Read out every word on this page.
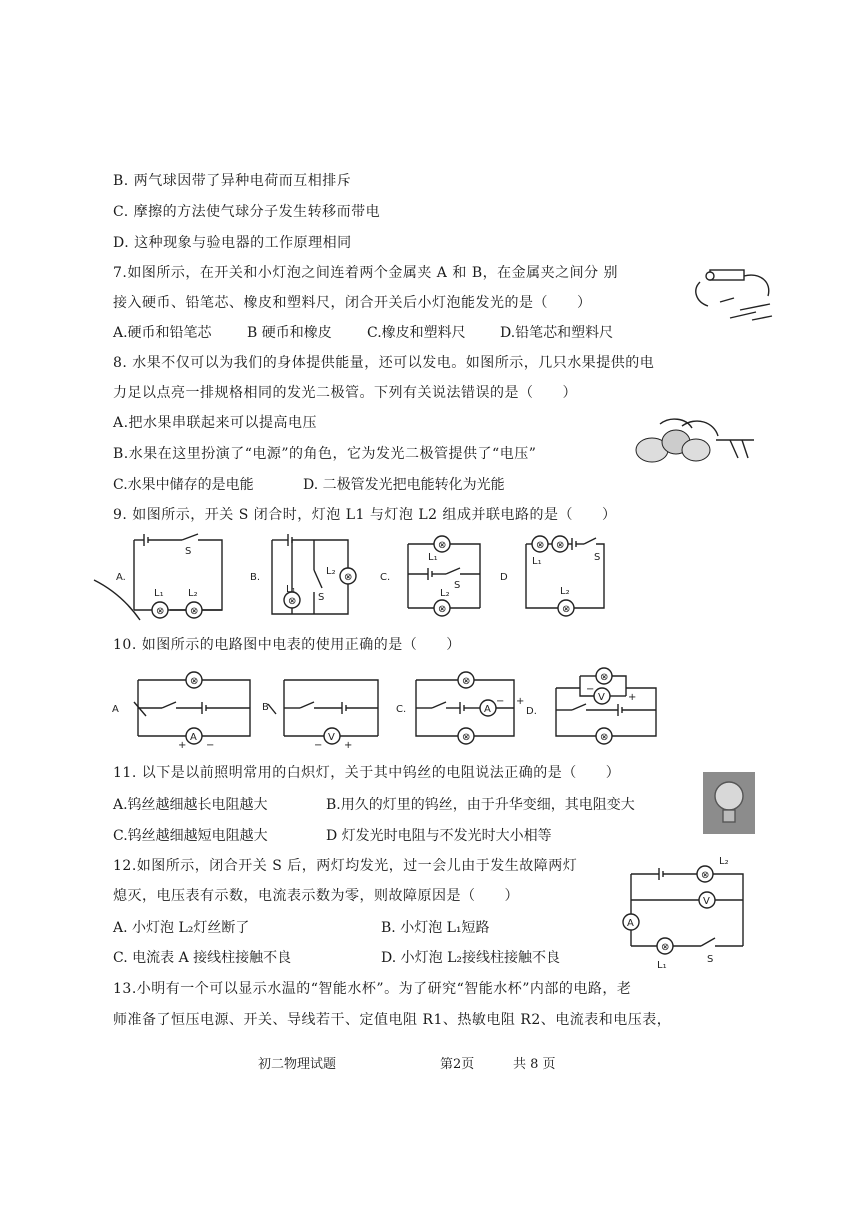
B. 两气球因带了异种电荷而互相排斥
C. 摩擦的方法使气球分子发生转移而带电
D. 这种现象与验电器的工作原理相同
7.如图所示，在开关和小灯泡之间连着两个金属夹 A 和 B，在金属夹之间分 别
接入硬币、铅笔芯、橡皮和塑料尺，闭合开关后小灯泡能发光的是（　　）
A.硬币和铅笔芯	B 硬币和橡皮	C.橡皮和塑料尺 D.铅笔芯和塑料尺
8. 水果不仅可以为我们的身体提供能量，还可以发电。如图所示，几只水果提供的电
力足以点亮一排规格相同的发光二极管。下列有关说法错误的是（　　）
A.把水果串联起来可以提高电压
B.水果在这里扮演了“电源”的角色，它为发光二极管提供了“电压”
C.水果中储存的是电能	D. 二极管发光把电能转化为光能
9. 如图所示，开关 S 闭合时，灯泡 L1 与灯泡 L2 组成并联电路的是（　　）
A.
S
L₁ L₂
⊗	⊗
B.
L₂
L₁
S
⊗
⊗
C.
L₁
S
L₂
⊗
⊗
D
L₁	S
L₂
⊗ ⊗
⊗
10. 如图所示的电路图中电表的使用正确的是（　　）
A
⊗
A
+ −
V
− +
B	C.
⊗
⊗
A
− +
D.
⊗
V
⊗
+
−
11. 以下是以前照明常用的白炽灯，关于其中钨丝的电阻说法正确的是（　　）
A.钨丝越细越长电阻越大	B.用久的灯里的钨丝，由于升华变细，其电阻变大
C.钨丝越细越短电阻越大	D 灯发光时电阻与不发光时大小相等
12.如图所示，闭合开关 S 后，两灯均发光，过一会儿由于发生故障两灯
熄灭，电压表有示数，电流表示数为零，则故障原因是（　　）
A. 小灯泡 L₂灯丝断了	B. 小灯泡 L₁短路
C. 电流表 A 接线柱接触不良	D. 小灯泡 L₂接线柱接触不良
L₂
⊗
V
A
⊗
L₁
S
13.小明有一个可以显示水温的“智能水杯”。为了研究“智能水杯”内部的电路，老
师准备了恒压电源、开关、导线若干、定值电阻 R1、热敏电阻 R2、电流表和电压表，
初二物理试题	第2页	共 8 页
